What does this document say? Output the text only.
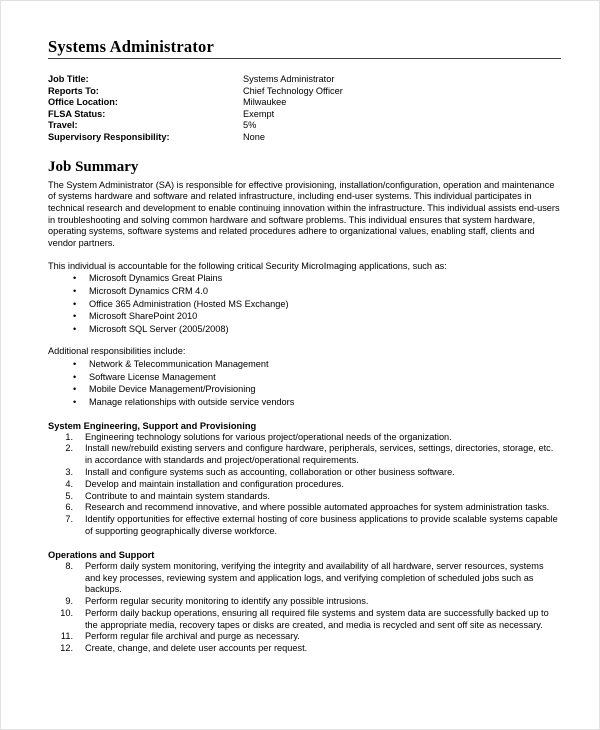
Systems Administrator
Job Title:	Systems Administrator
Reports To:	Chief Technology Officer
Office Location:	Milwaukee
FLSA Status:	Exempt
Travel:	5%
Supervisory Responsibility:	None
Job Summary

The System Administrator (SA) is responsible for effective provisioning, installation/configuration, operation and maintenance of systems hardware and software and related infrastructure, including end-user systems. This individual participates in technical research and development to enable continuing innovation within the infrastructure. This individual assists end-users in troubleshooting and solving common hardware and software problems. This individual ensures that system hardware, operating systems, software systems and related procedures adhere to organizational values, enabling staff, clients and vendor partners.

This individual is accountable for the following critical Security MicroImaging applications, such as:

• Microsoft Dynamics Great Plains
• Microsoft Dynamics CRM 4.0
• Office 365 Administration (Hosted MS Exchange)
• Microsoft SharePoint 2010
• Microsoft SQL Server (2005/2008)

Additional responsibilities include:

• Network & Telecommunication Management
• Software License Management
• Mobile Device Management/Provisioning
• Manage relationships with outside service vendors
System Engineering, Support and Provisioning
1. Engineering technology solutions for various project/operational needs of the organization.
2. Install new/rebuild existing servers and configure hardware, peripherals, services, settings, directories, storage, etc. in accordance with standards and project/operational requirements.
3. Install and configure systems such as accounting, collaboration or other business software.
4. Develop and maintain installation and configuration procedures.
5. Contribute to and maintain system standards.
6. Research and recommend innovative, and where possible automated approaches for system administration tasks.
7. Identify opportunities for effective external hosting of core business applications to provide scalable systems capable of supporting geographically diverse workforce.
Operations and Support
8. Perform daily system monitoring, verifying the integrity and availability of all hardware, server resources, systems and key processes, reviewing system and application logs, and verifying completion of scheduled jobs such as backups.
9. Perform regular security monitoring to identify any possible intrusions.
10. Perform daily backup operations, ensuring all required file systems and system data are successfully backed up to the appropriate media, recovery tapes or disks are created, and media is recycled and sent off site as necessary.
11. Perform regular file archival and purge as necessary.
12. Create, change, and delete user accounts per request.
